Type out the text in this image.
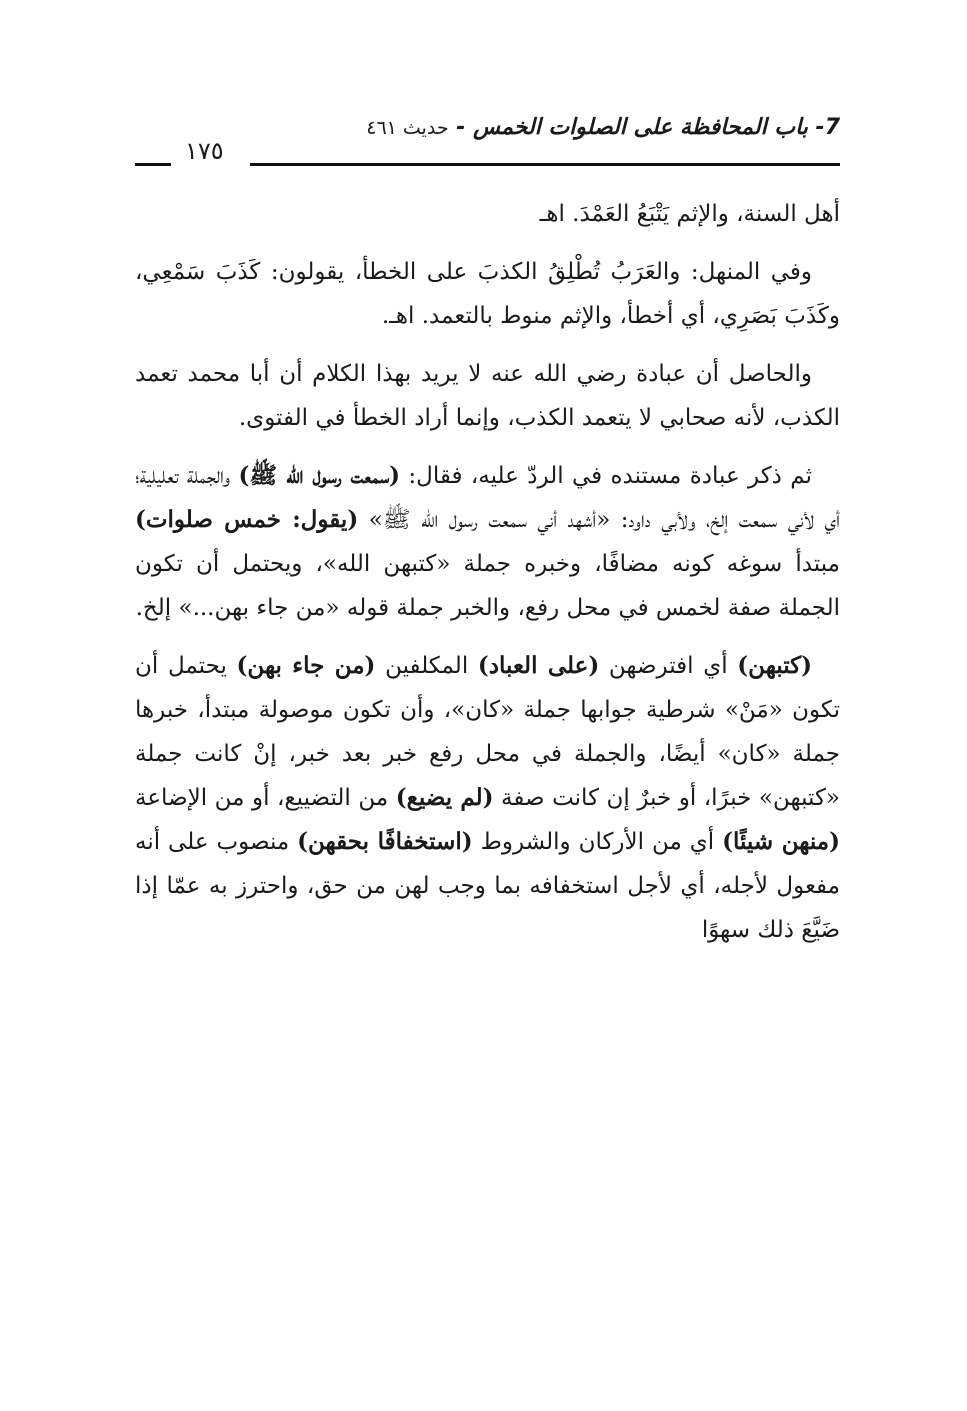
7- باب المحافظة على الصلوات الخمس - حديث ٤٦١
١٧٥

أهل السنة، والإثم يَتْبَعُ العَمْدَ. اهـ

وفي المنهل: والعَرَبُ تُطْلِقُ الكذبَ على الخطأ، يقولون: كَذَبَ سَمْعِي، وكَذَبَ بَصَرِي، أي أخطأ، والإثم منوط بالتعمد. اهـ.

والحاصل أن عبادة رضي الله عنه لا يريد بهذا الكلام أن أبا محمد تعمد الكذب، لأنه صحابي لا يتعمد الكذب، وإنما أراد الخطأ في الفتوى.

ثم ذكر عبادة مستنده في الردّ عليه، فقال: (سمعت رسول الله ﷺ) والجملة تعليلية؛ أي لأني سمعت إلخ، ولأبي داود: «أشهد أني سمعت رسول الله ﷺ» (يقول: خمس صلوات) مبتدأ سوغه كونه مضافًا، وخبره جملة «كتبهن الله»، ويحتمل أن تكون الجملة صفة لخمس في محل رفع، والخبر جملة قوله «من جاء بهن...» إلخ.

(كتبهن) أي افترضهن (على العباد) المكلفين (من جاء بهن) يحتمل أن تكون «مَنْ» شرطية جوابها جملة «كان»، وأن تكون موصولة مبتدأ، خبرها جملة «كان» أيضًا، والجملة في محل رفع خبر بعد خبر، إنْ كانت جملة «كتبهن» خبرًا، أو خبرٌ إن كانت صفة (لم يضيع) من التضييع، أو من الإضاعة (منهن شيئًا) أي من الأركان والشروط (استخفافًا بحقهن) منصوب على أنه مفعول لأجله، أي لأجل استخفافه بما وجب لهن من حق، واحترز به عمّا إذا ضَيَّعَ ذلك سهوًا
